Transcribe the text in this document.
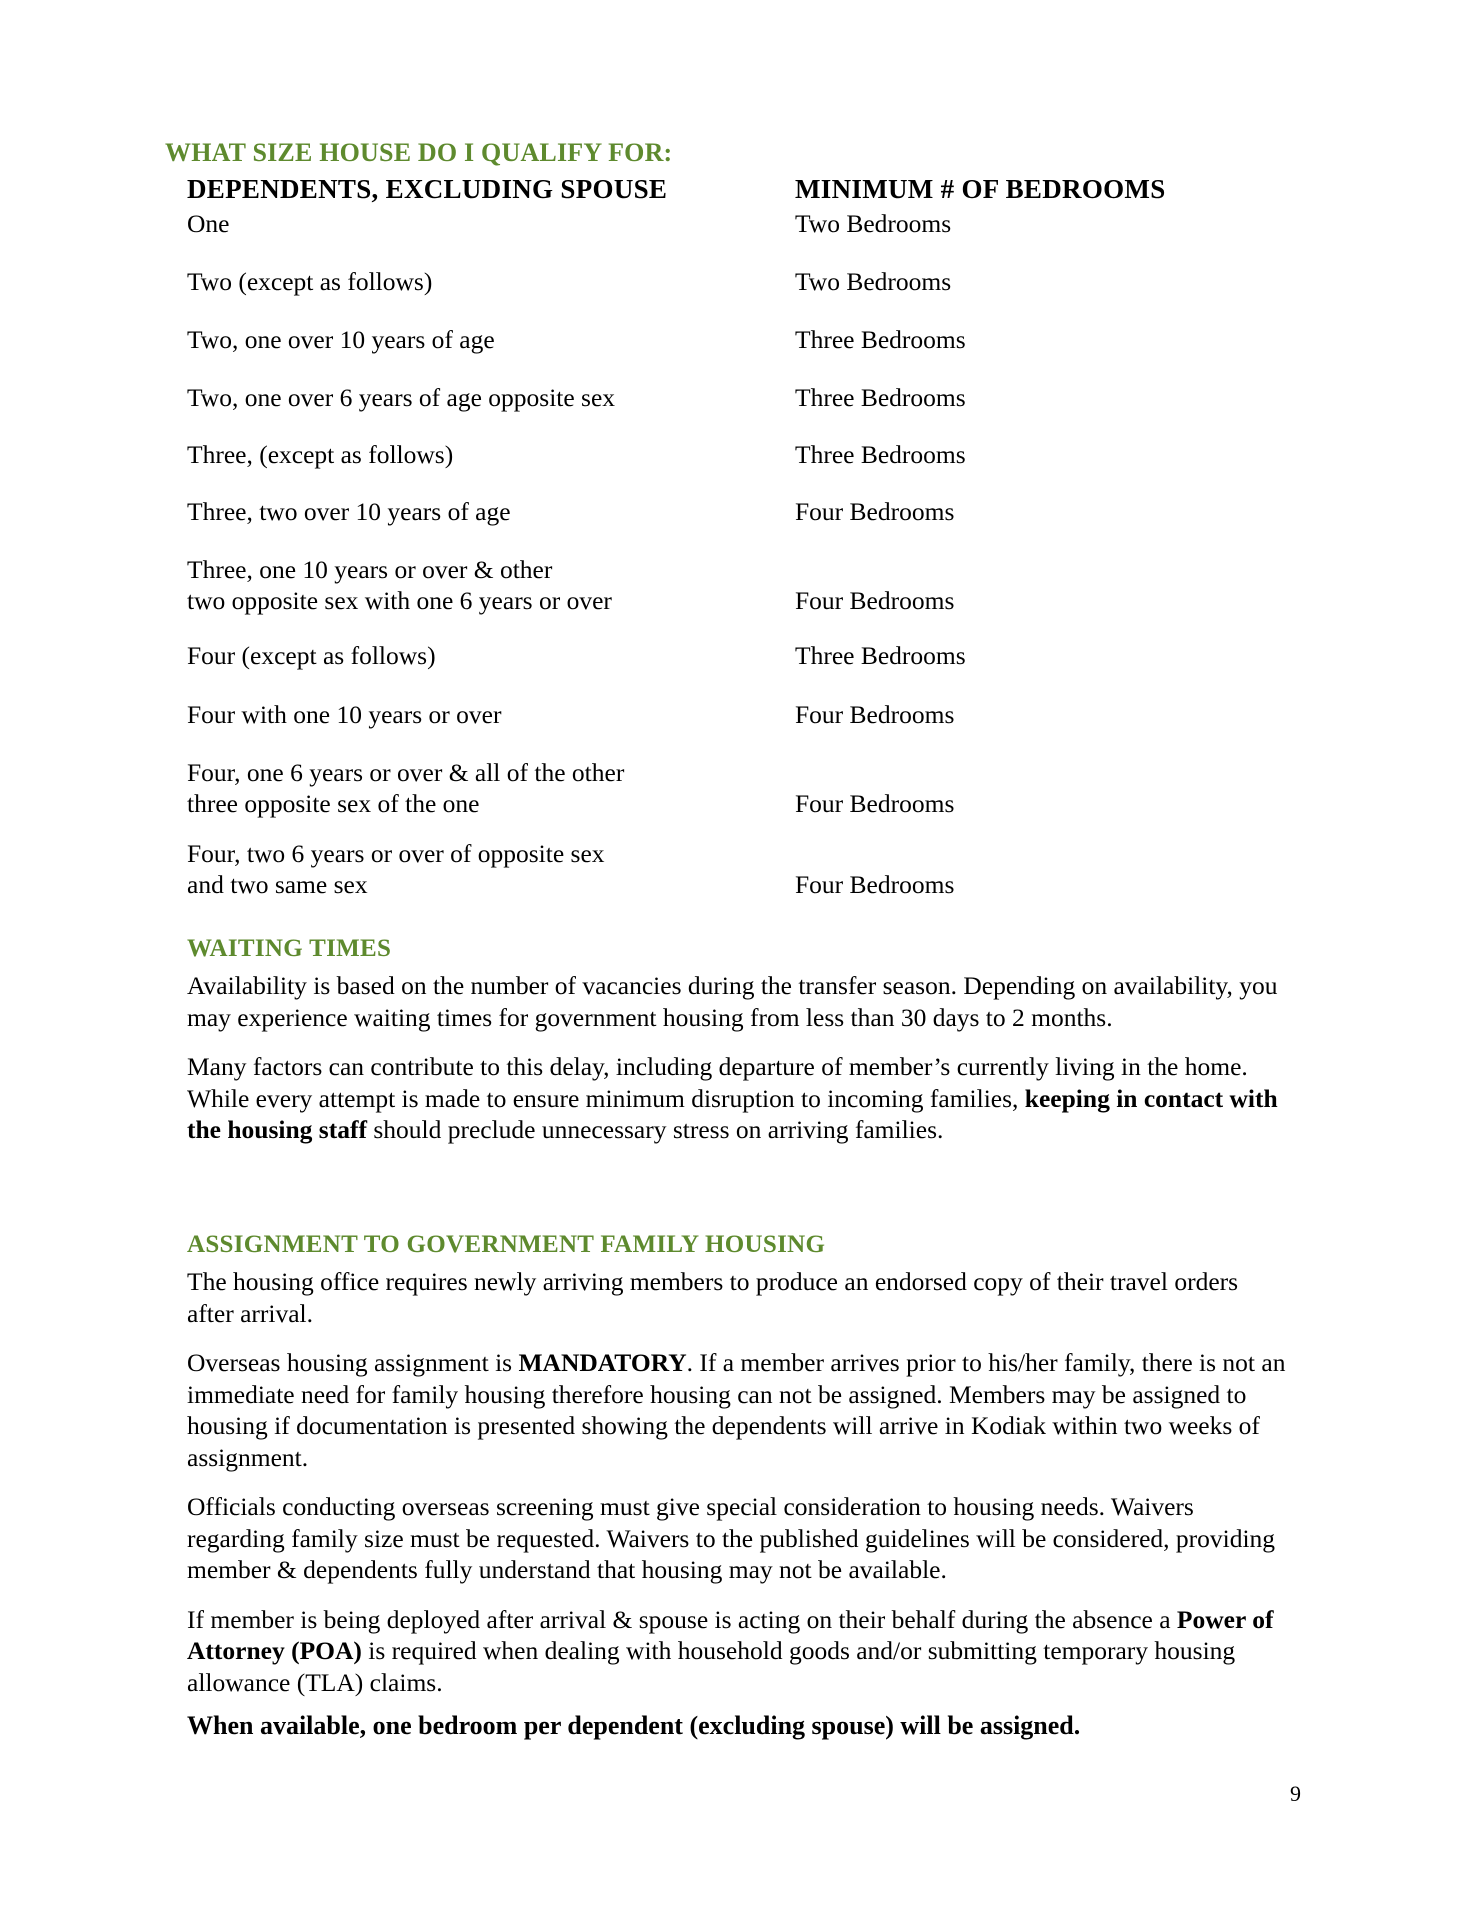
WHAT SIZE HOUSE DO I QUALIFY FOR:
DEPENDENTS, EXCLUDING SPOUSE	MINIMUM # OF BEDROOMS
One	Two Bedrooms
Two (except as follows)	Two Bedrooms
Two, one over 10 years of age	Three Bedrooms
Two, one over 6 years of age opposite sex	Three Bedrooms
Three, (except as follows)	Three Bedrooms
Three, two over 10 years of age	Four Bedrooms
Three, one 10 years or over & other
two opposite sex with one 6 years or over	Four Bedrooms
Four (except as follows)	Three Bedrooms
Four with one 10 years or over	Four Bedrooms
Four, one 6 years or over & all of the other
three opposite sex of the one	Four Bedrooms
Four, two 6 years or over of opposite sex
and two same sex	Four Bedrooms
WAITING TIMES

Availability is based on the number of vacancies during the transfer season. Depending on availability, you may experience waiting times for government housing from less than 30 days to 2 months.

Many factors can contribute to this delay, including departure of member’s currently living in the home. While every attempt is made to ensure minimum disruption to incoming families, keeping in contact with the housing staff should preclude unnecessary stress on arriving families.

ASSIGNMENT TO GOVERNMENT FAMILY HOUSING

The housing office requires newly arriving members to produce an endorsed copy of their travel orders after arrival.

Overseas housing assignment is MANDATORY. If a member arrives prior to his/her family, there is not an immediate need for family housing therefore housing can not be assigned. Members may be assigned to housing if documentation is presented showing the dependents will arrive in Kodiak within two weeks of assignment.

Officials conducting overseas screening must give special consideration to housing needs. Waivers regarding family size must be requested. Waivers to the published guidelines will be considered, providing member & dependents fully understand that housing may not be available.

If member is being deployed after arrival & spouse is acting on their behalf during the absence a Power of Attorney (POA) is required when dealing with household goods and/or submitting temporary housing allowance (TLA) claims.

When available, one bedroom per dependent (excluding spouse) will be assigned.

9
